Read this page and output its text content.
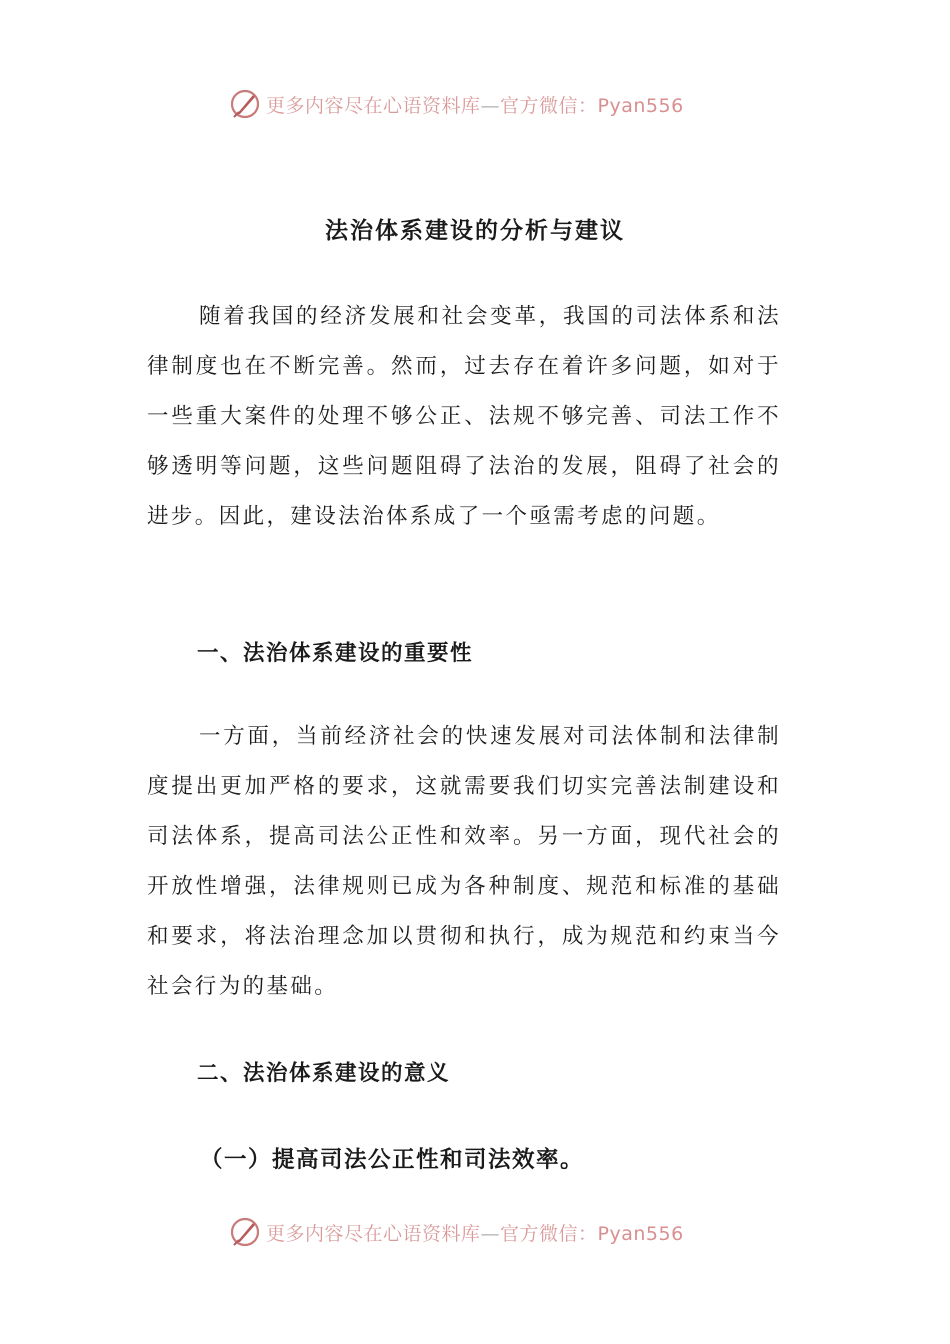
更多内容尽在心语资料库—官方微信：Pyan556
法治体系建设的分析与建议

随着我国的经济发展和社会变革，我国的司法体系和法律制度也在不断完善。然而，过去存在着许多问题，如对于一些重大案件的处理不够公正、法规不够完善、司法工作不够透明等问题，这些问题阻碍了法治的发展，阻碍了社会的进步。因此，建设法治体系成了一个亟需考虑的问题。

一、法治体系建设的重要性

一方面，当前经济社会的快速发展对司法体制和法律制度提出更加严格的要求，这就需要我们切实完善法制建设和司法体系，提高司法公正性和效率。另一方面，现代社会的开放性增强，法律规则已成为各种制度、规范和标准的基础和要求，将法治理念加以贯彻和执行，成为规范和约束当今社会行为的基础。

二、法治体系建设的意义
（一）提高司法公正性和司法效率。
更多内容尽在心语资料库—官方微信：Pyan556
